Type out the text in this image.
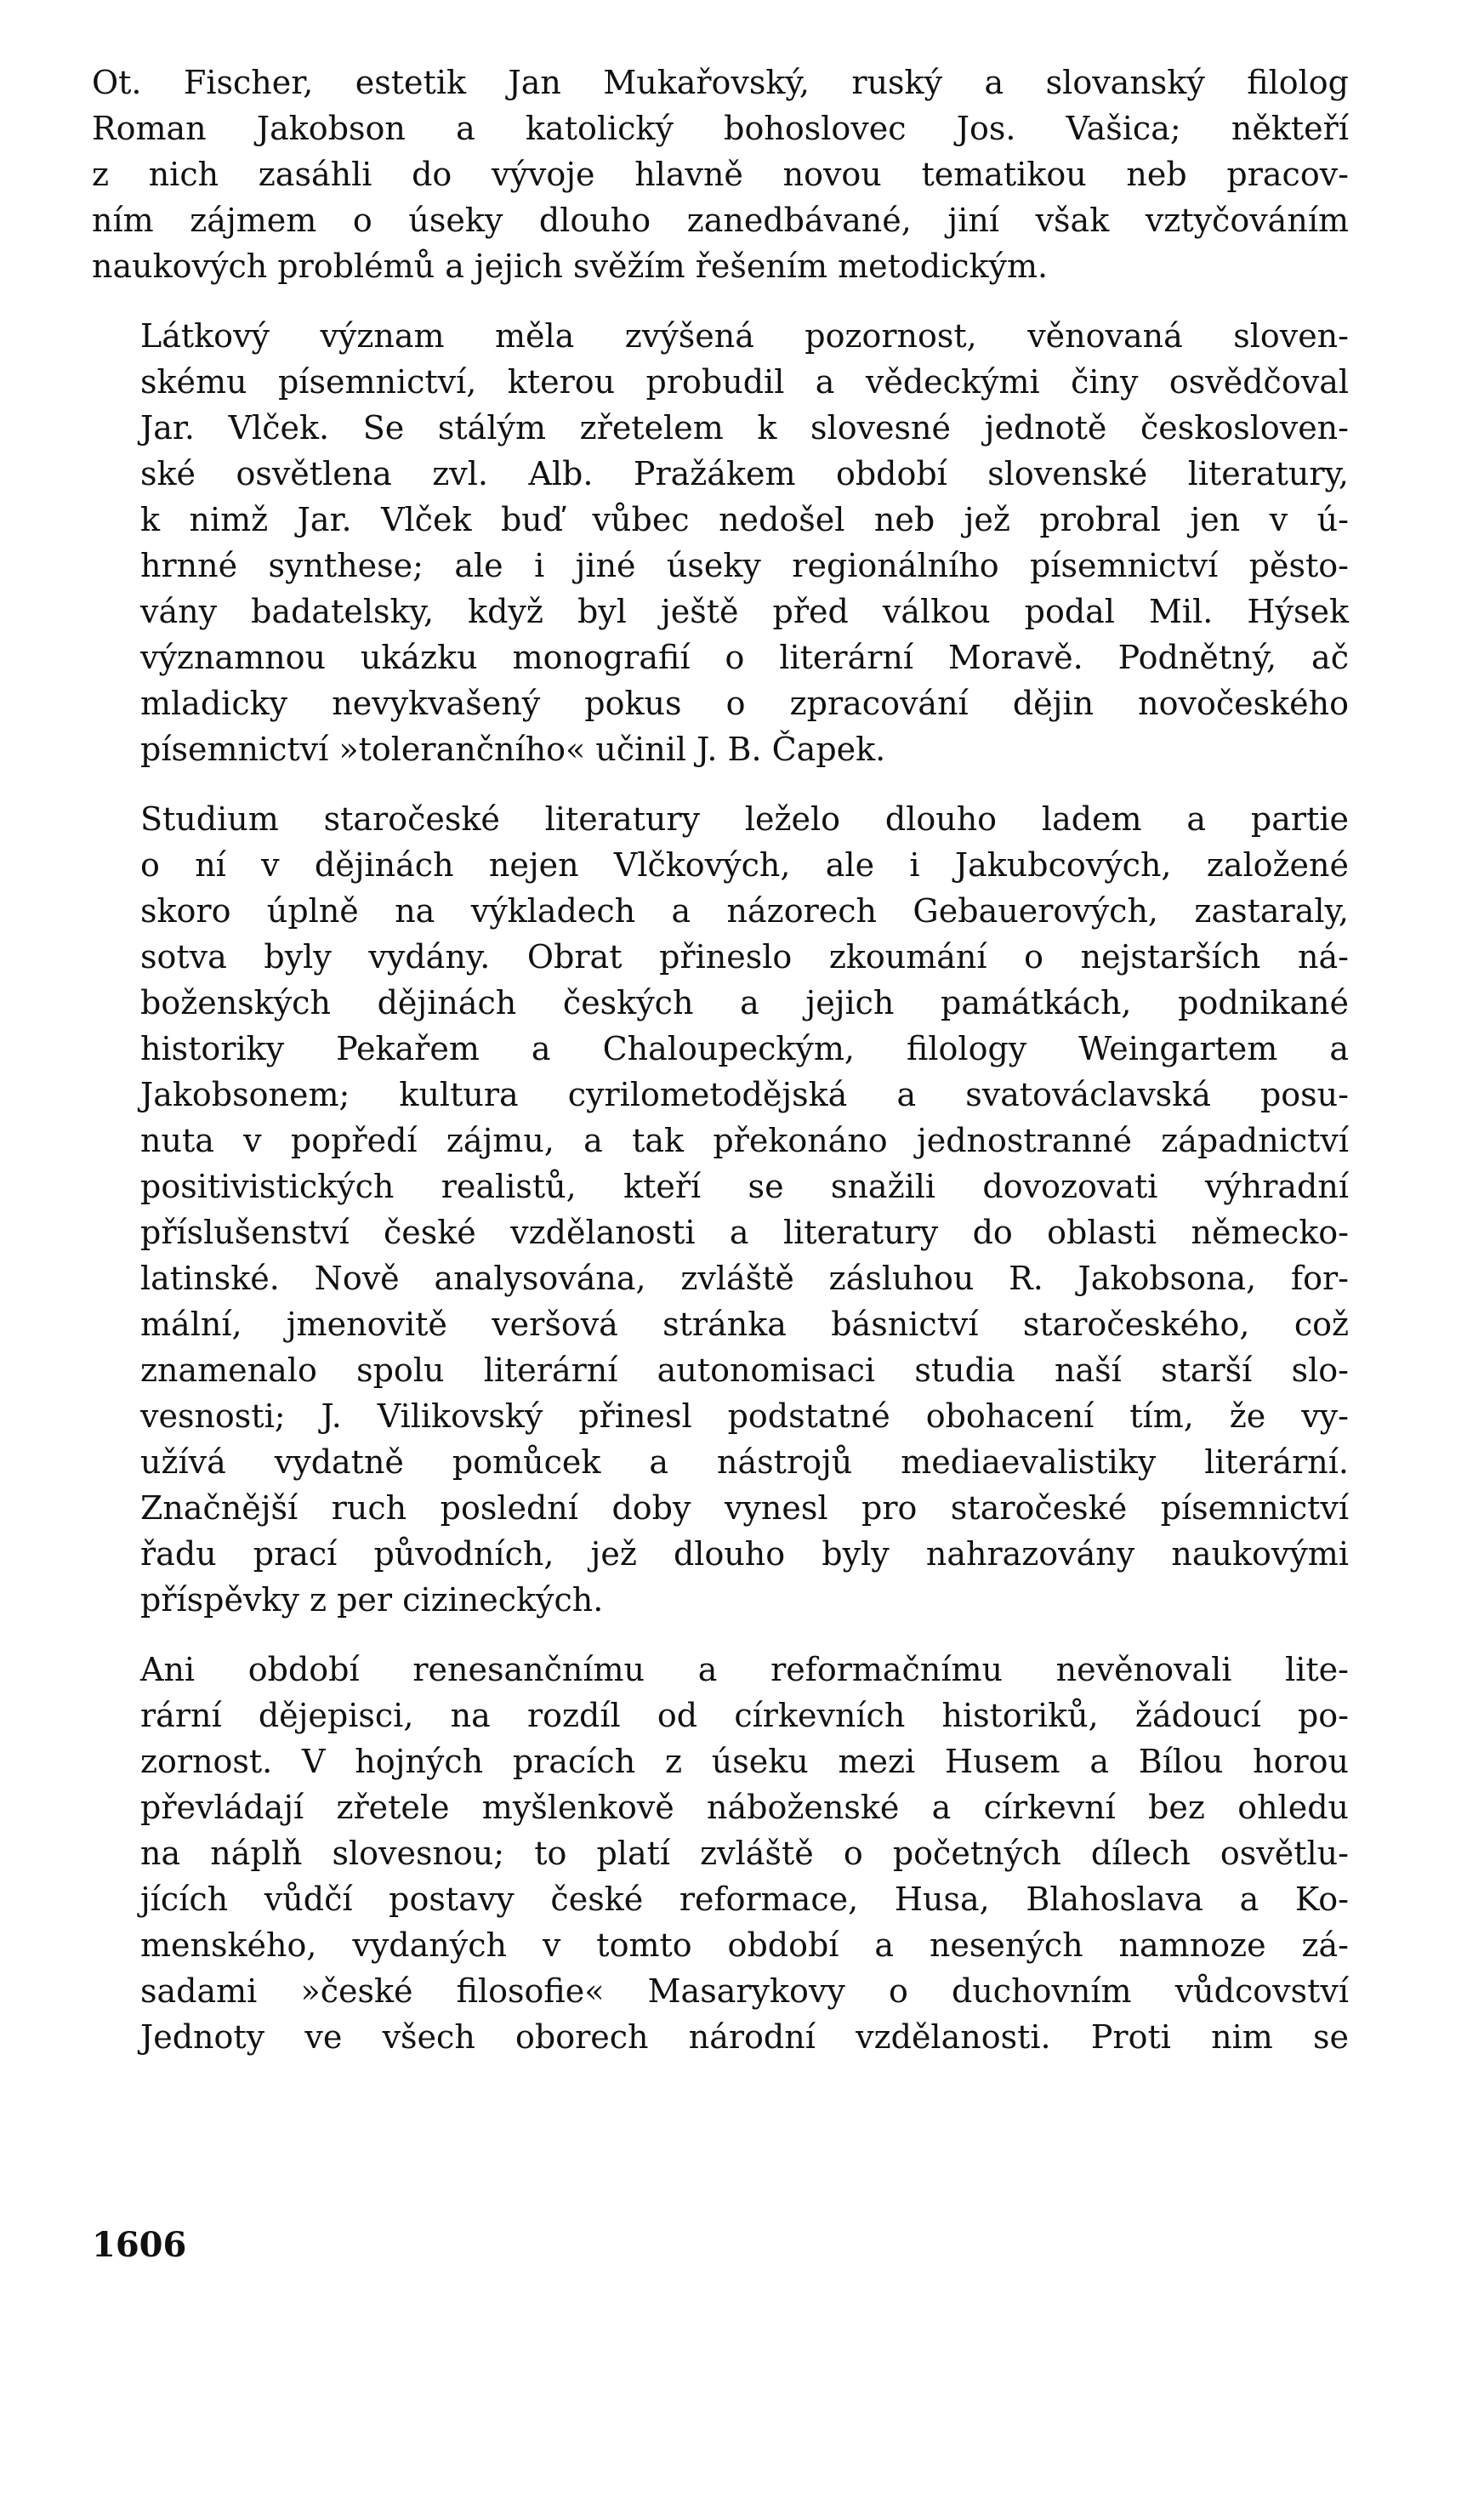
Ot. Fischer, estetik Jan Mukařovský, ruský a slovanský filolog
Roman Jakobson a katolický bohoslovec Jos. Vašica; někteří
z nich zasáhli do vývoje hlavně novou tematikou neb pracov-
ním zájmem o úseky dlouho zanedbávané, jiní však vztyčováním
naukových problémů a jejich svěžím řešením metodickým.

Látkový význam měla zvýšená pozornost, věnovaná sloven-
skému písemnictví, kterou probudil a vědeckými činy osvědčoval
Jar. Vlček. Se stálým zřetelem k slovesné jednotě českosloven-
ské osvětlena zvl. Alb. Pražákem období slovenské literatury,
k nimž Jar. Vlček buď vůbec nedošel neb jež probral jen v ú-
hrnné synthese; ale i jiné úseky regionálního písemnictví pěsto-
vány badatelsky, když byl ještě před válkou podal Mil. Hýsek
významnou ukázku monografií o literární Moravě. Podnětný, ač
mladicky nevykvašený pokus o zpracování dějin novočeského
písemnictví »tolerančního« učinil J. B. Čapek.

Studium staročeské literatury leželo dlouho ladem a partie
o ní v dějinách nejen Vlčkových, ale i Jakubcových, založené
skoro úplně na výkladech a názorech Gebauerových, zastaraly,
sotva byly vydány. Obrat přineslo zkoumání o nejstarších ná-
boženských dějinách českých a jejich památkách, podnikané
historiky Pekařem a Chaloupeckým, filology Weingartem a
Jakobsonem; kultura cyrilometodějská a svatováclavská posu-
nuta v popředí zájmu, a tak překonáno jednostranné západnictví
positivistických realistů, kteří se snažili dovozovati výhradní
příslušenství české vzdělanosti a literatury do oblasti německo-
latinské. Nově analysována, zvláště zásluhou R. Jakobsona, for-
mální, jmenovitě veršová stránka básnictví staročeského, což
znamenalo spolu literární autonomisaci studia naší starší slo-
vesnosti; J. Vilikovský přinesl podstatné obohacení tím, že vy-
užívá vydatně pomůcek a nástrojů mediaevalistiky literární.
Značnější ruch poslední doby vynesl pro staročeské písemnictví
řadu prací původních, jež dlouho byly nahrazovány naukovými
příspěvky z per cizineckých.

Ani období renesančnímu a reformačnímu nevěnovali lite-
rární dějepisci, na rozdíl od církevních historiků, žádoucí po-
zornost. V hojných pracích z úseku mezi Husem a Bílou horou
převládají zřetele myšlenkově náboženské a církevní bez ohledu
na náplň slovesnou; to platí zvláště o početných dílech osvětlu-
jících vůdčí postavy české reformace, Husa, Blahoslava a Ko-
menského, vydaných v tomto období a nesených namnoze zá-
sadami »české filosofie« Masarykovy o duchovním vůdcovství
Jednoty ve všech oborech národní vzdělanosti. Proti nim se

1606
